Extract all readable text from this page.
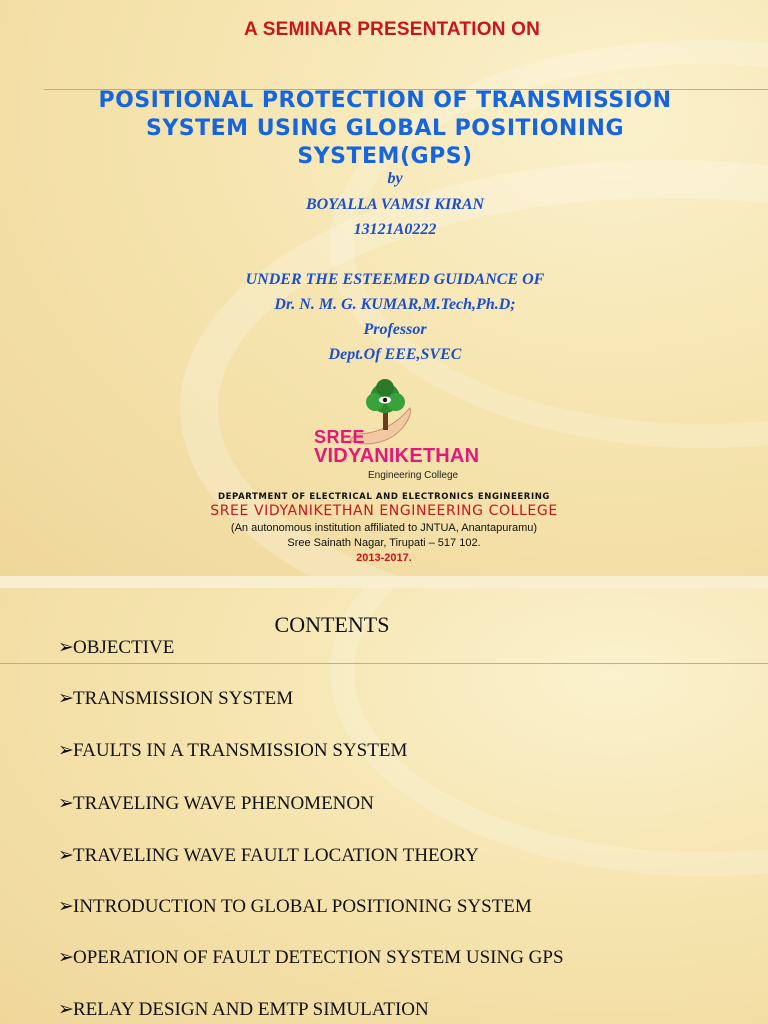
A SEMINAR PRESENTATION ON
POSITIONAL PROTECTION OF TRANSMISSION
SYSTEM USING GLOBAL POSITIONING
SYSTEM(GPS)
by
BOYALLA VAMSI KIRAN
13121A0222
UNDER THE ESTEEMED GUIDANCE OF
Dr. N. M. G. KUMAR,M.Tech,Ph.D;
Professor
Dept.Of EEE,SVEC
SREE
VIDYANIKETHAN
Engineering College
DEPARTMENT OF ELECTRICAL AND ELECTRONICS ENGINEERING
SREE VIDYANIKETHAN ENGINEERING COLLEGE
(An autonomous institution affiliated to JNTUA, Anantapuramu)
Sree Sainath Nagar, Tirupati – 517 102.
2013-2017.
CONTENTS
➢OBJECTIVE
➢TRANSMISSION SYSTEM
➢FAULTS IN A TRANSMISSION SYSTEM
➢TRAVELING WAVE PHENOMENON
➢TRAVELING WAVE FAULT LOCATION THEORY
➢INTRODUCTION TO GLOBAL POSITIONING SYSTEM
➢OPERATION OF FAULT DETECTION SYSTEM USING GPS
➢RELAY DESIGN AND EMTP SIMULATION
